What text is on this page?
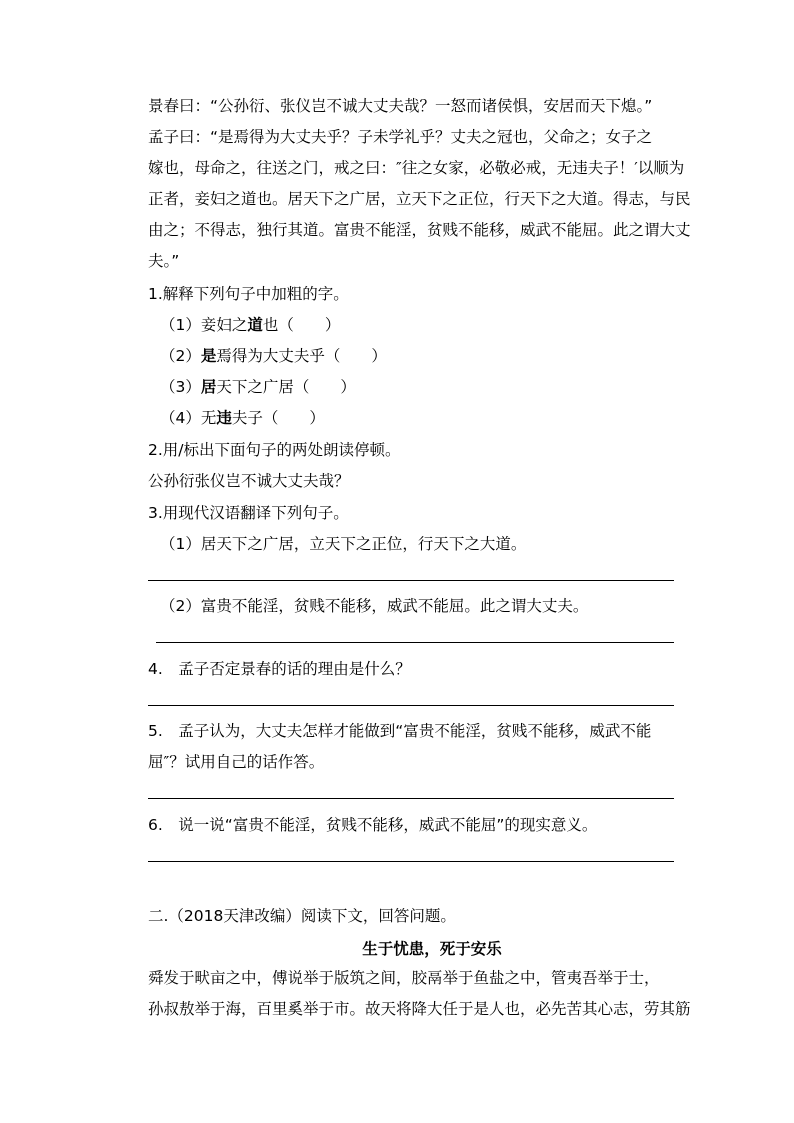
景春曰：“公孙衍、张仪岂不诚大丈夫哉？一怒而诸侯惧，安居而天下熄。”
孟子曰：“是焉得为大丈夫乎？子未学礼乎？丈夫之冠也，父命之；女子之
嫁也，母命之，往送之门，戒之曰：″往之女家，必敬必戒，无违夫子！′以顺为
正者，妾妇之道也。居天下之广居，立天下之正位，行天下之大道。得志，与民
由之；不得志，独行其道。富贵不能淫，贫贱不能移，威武不能屈。此之谓大丈
夫。”
1.解释下列句子中加粗的字。
（1）妾妇之道也（　　）
（2）是焉得为大丈夫乎（　　）
（3）居天下之广居（　　）
（4）无违夫子（　　）
2.用/标出下面句子的两处朗读停顿。
公孙衍张仪岂不诚大丈夫哉？
3.用现代汉语翻译下列句子。
（1）居天下之广居，立天下之正位，行天下之大道。
（2）富贵不能淫，贫贱不能移，威武不能屈。此之谓大丈夫。
4.　孟子否定景春的话的理由是什么？
5.　孟子认为，大丈夫怎样才能做到“富贵不能淫，贫贱不能移，威武不能
屈″？试用自己的话作答。
6.　说一说“富贵不能淫，贫贱不能移，威武不能屈”的现实意义。
二.（2018天津改编）阅读下文，回答问题。
生于忧患，死于安乐
舜发于畎亩之中，傅说举于版筑之间，胶鬲举于鱼盐之中，管夷吾举于士，
孙叔敖举于海，百里奚举于市。故天将降大任于是人也，必先苦其心志，劳其筋
